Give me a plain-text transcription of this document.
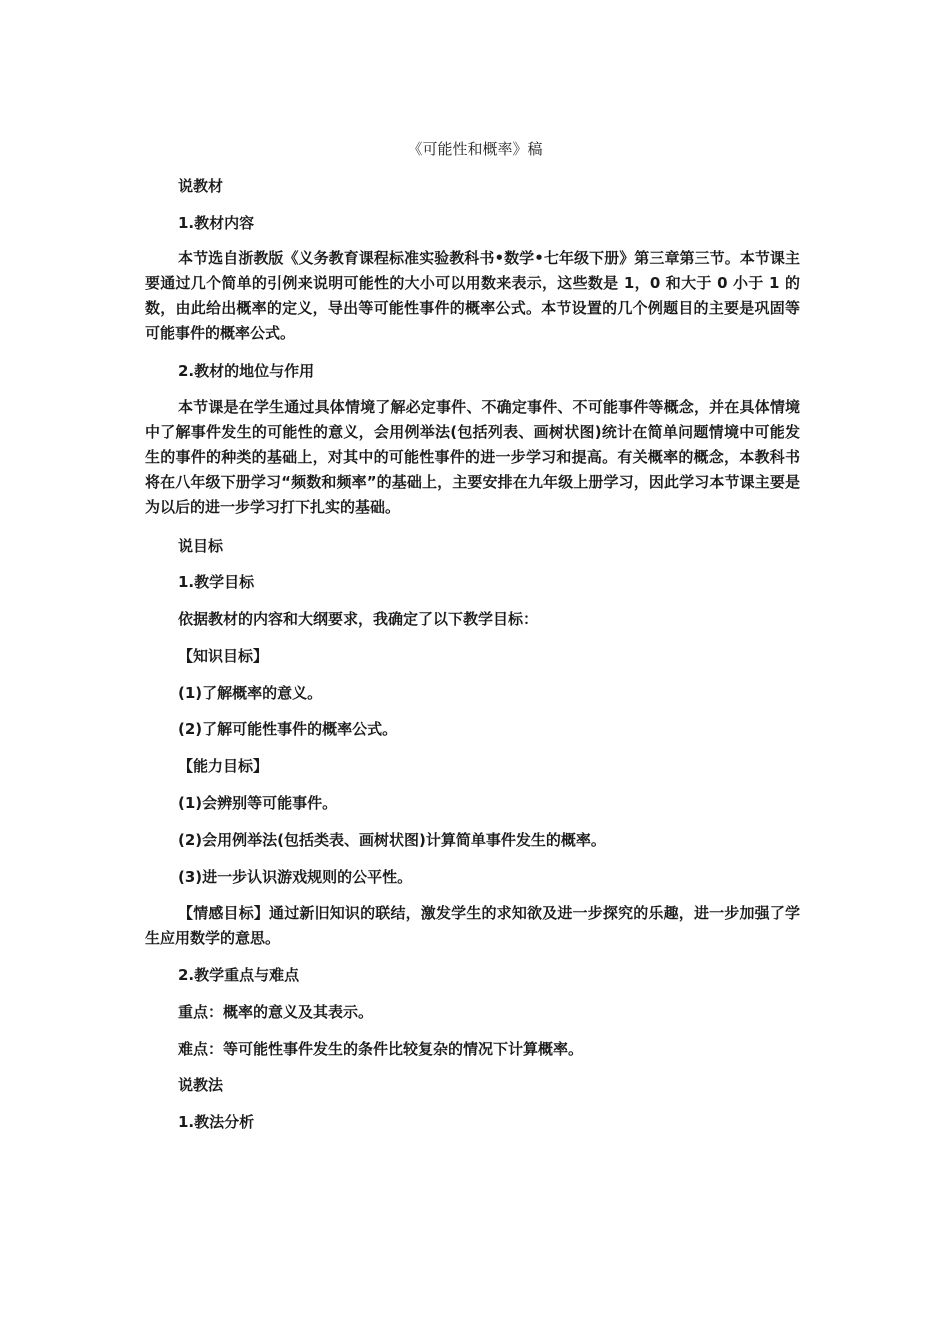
《可能性和概率》稿
说教材
1.教材内容
本节选自浙教版《义务教育课程标准实验教科书•数学•七年级下册》第三章第三节。本节课主要通过几个简单的引例来说明可能性的大小可以用数来表示，这些数是 1，0 和大于 0 小于 1 的数，由此给出概率的定义，导出等可能性事件的概率公式。本节设置的几个例题目的主要是巩固等可能事件的概率公式。
2.教材的地位与作用
本节课是在学生通过具体情境了解必定事件、不确定事件、不可能事件等概念，并在具体情境中了解事件发生的可能性的意义，会用例举法(包括列表、画树状图)统计在简单问题情境中可能发生的事件的种类的基础上，对其中的可能性事件的进一步学习和提高。有关概率的概念，本教科书将在八年级下册学习“频数和频率”的基础上，主要安排在九年级上册学习，因此学习本节课主要是为以后的进一步学习打下扎实的基础。
说目标
1.教学目标
依据教材的内容和大纲要求，我确定了以下教学目标：
【知识目标】
(1)了解概率的意义。
(2)了解可能性事件的概率公式。
【能力目标】
(1)会辨别等可能事件。
(2)会用例举法(包括类表、画树状图)计算简单事件发生的概率。
(3)进一步认识游戏规则的公平性。
【情感目标】通过新旧知识的联结，激发学生的求知欲及进一步探究的乐趣，进一步加强了学生应用数学的意思。
2.教学重点与难点
重点：概率的意义及其表示。
难点：等可能性事件发生的条件比较复杂的情况下计算概率。
说教法
1.教法分析
